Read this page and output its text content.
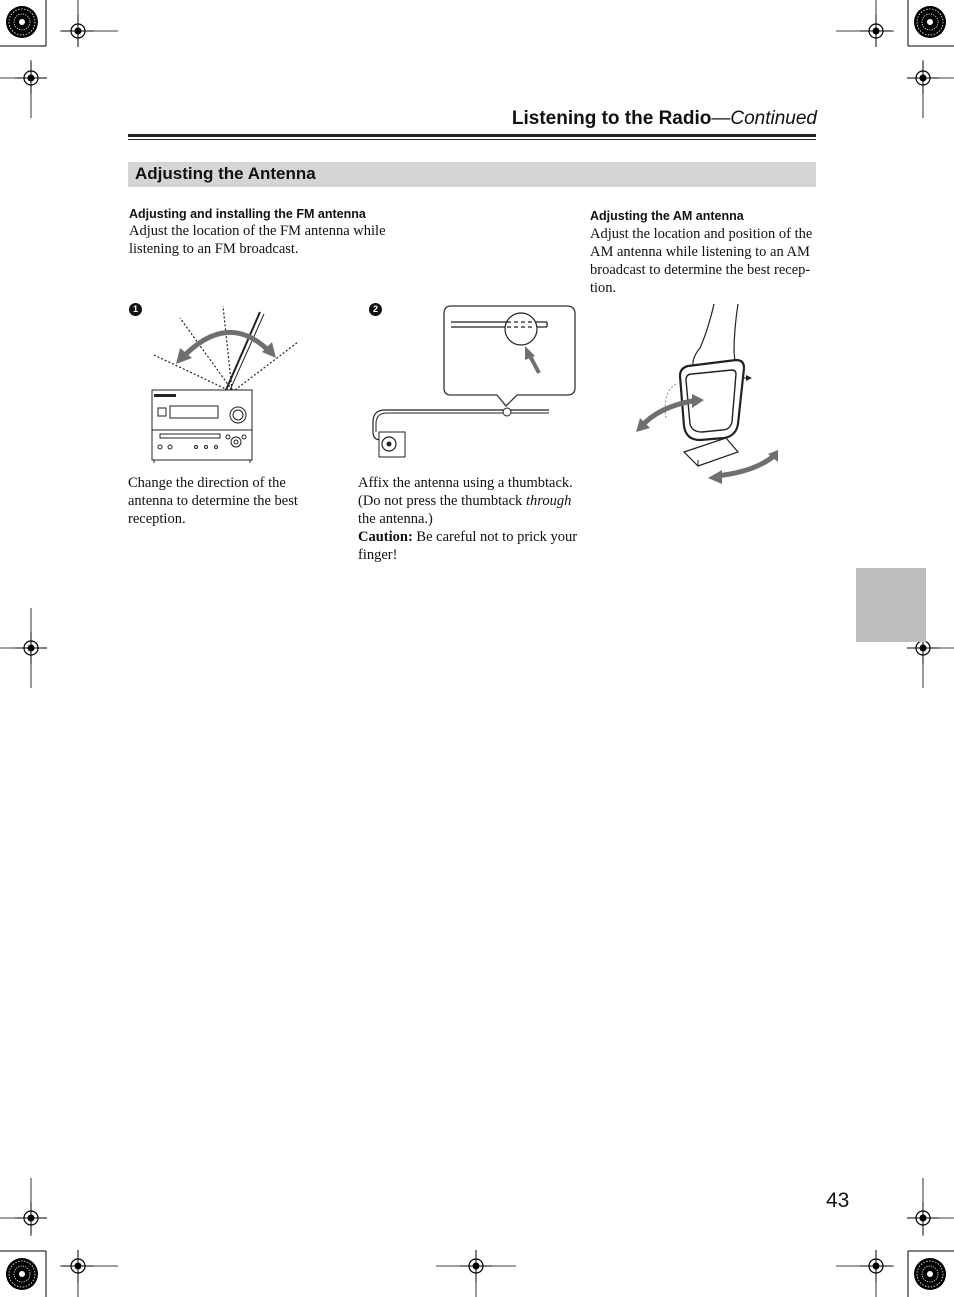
Listening to the Radio—Continued
Adjusting the Antenna
Adjusting and installing the FM antenna
Adjust the location of the FM antenna while
listening to an FM broadcast.
Adjusting the AM antenna
Adjust the location and position of the
AM antenna while listening to an AM
broadcast to determine the best recep-
tion.
1	2
Change the direction of the
antenna to determine the best
reception.
Affix the antenna using a thumbtack.
(Do not press the thumbtack through
the antenna.)
Caution: Be careful not to prick your
finger!
43
